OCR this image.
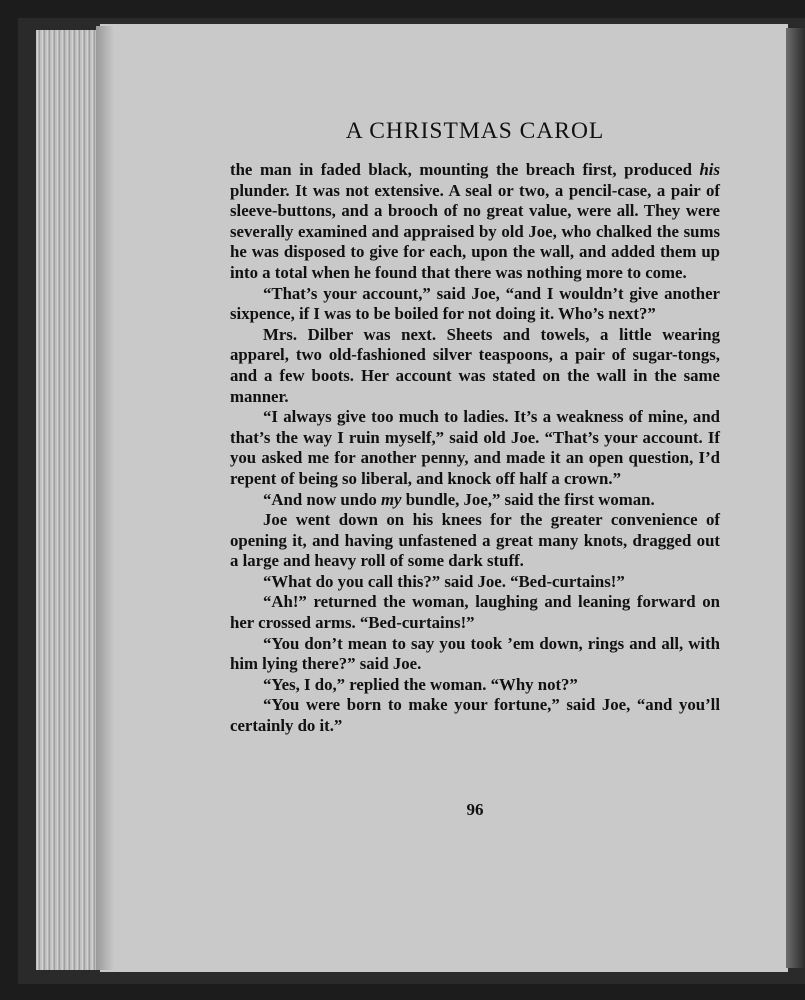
A CHRISTMAS CAROL

the man in faded black, mounting the breach first, produced his plunder. It was not extensive. A seal or two, a pencil-case, a pair of sleeve-buttons, and a brooch of no great value, were all. They were severally examined and appraised by old Joe, who chalked the sums he was disposed to give for each, upon the wall, and added them up into a total when he found that there was nothing more to come.

“That’s your account,” said Joe, “and I wouldn’t give another sixpence, if I was to be boiled for not doing it. Who’s next?”

Mrs. Dilber was next. Sheets and towels, a little wearing apparel, two old-fashioned silver teaspoons, a pair of sugar-tongs, and a few boots. Her account was stated on the wall in the same manner.

“I always give too much to ladies. It’s a weakness of mine, and that’s the way I ruin myself,” said old Joe. “That’s your account. If you asked me for another penny, and made it an open question, I’d repent of being so liberal, and knock off half a crown.”

“And now undo my bundle, Joe,” said the first woman.

Joe went down on his knees for the greater convenience of opening it, and having unfastened a great many knots, dragged out a large and heavy roll of some dark stuff.

“What do you call this?” said Joe. “Bed-curtains!”

“Ah!” returned the woman, laughing and leaning forward on her crossed arms. “Bed-curtains!”

“You don’t mean to say you took ’em down, rings and all, with him lying there?” said Joe.

“Yes, I do,” replied the woman. “Why not?”

“You were born to make your fortune,” said Joe, “and you’ll certainly do it.”

96
